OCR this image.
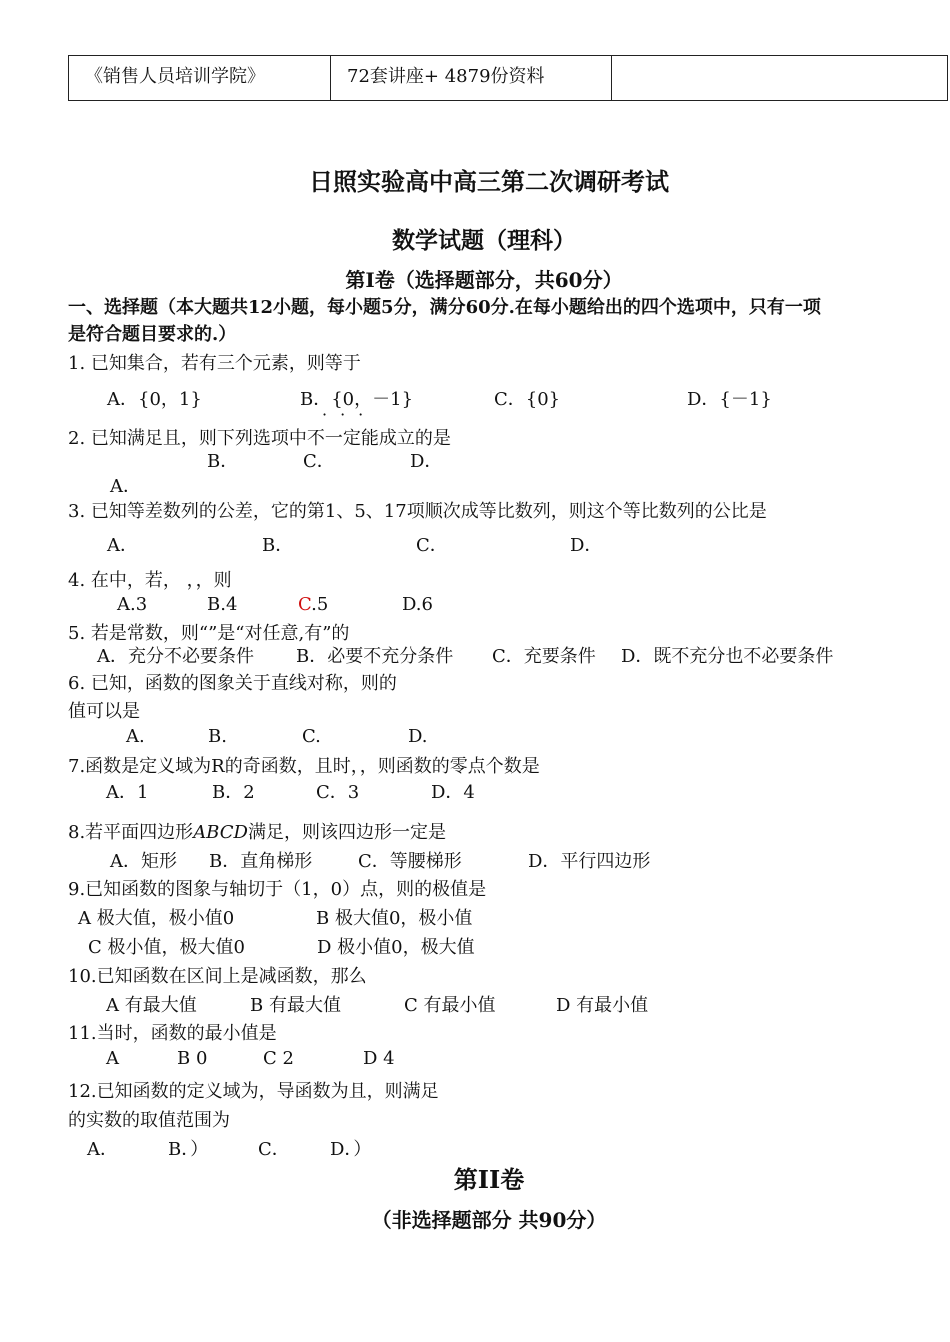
《销售人员培训学院》	72套讲座+ 4879份资料
日照实验高中高三第二次调研考试
数学试题（理科）
第Ⅰ卷（选择题部分，共60分）
一、选择题（本大题共12小题，每小题5分，满分60分.在每小题给出的四个选项中，只有一项
是符合题目要求的.）
1. 已知集合，若有三个元素，则等于
A．{0，1}	B．{0，－1}	C．{0}	D．{－1}
···
2. 已知满足且，则下列选项中不一定能成立的是
B．	C．	D．
A．
3. 已知等差数列的公差，它的第1、5、17项顺次成等比数列，则这个等比数列的公比是
A．	B．	C．	D．
4. 在中，若， ，，则
A.3	B.4	C.5	D.6
5. 若是常数，则“”是“对任意,有”的
A．充分不必要条件 B．必要不充分条件 C．充要条件 D．既不充分也不必要条件
6. 已知，函数的图象关于直线对称，则的
值可以是
A.	B.	C.	D.
7.函数是定义域为R的奇函数，且时，，则函数的零点个数是
A．1	B．2	C．3	D．4
8.若平面四边形ABCD满足，则该四边形一定是
A．矩形 B．直角梯形	C．等腰梯形	D．平行四边形
9.已知函数的图象与轴切于（1，0）点，则的极值是
A 极大值，极小值0	B 极大值0，极小值
C 极小值，极大值0	D 极小值0，极大值
10.已知函数在区间上是减函数，那么
A 有最大值	B 有最大值	C 有最小值	D 有最小值
11.当时，函数的最小值是
A	B 0	C 2	D 4
12.已知函数的定义域为，导函数为且，则满足
的实数的取值范围为
A．	B．）	C． D．）
第II卷
（非选择题部分 共90分）
